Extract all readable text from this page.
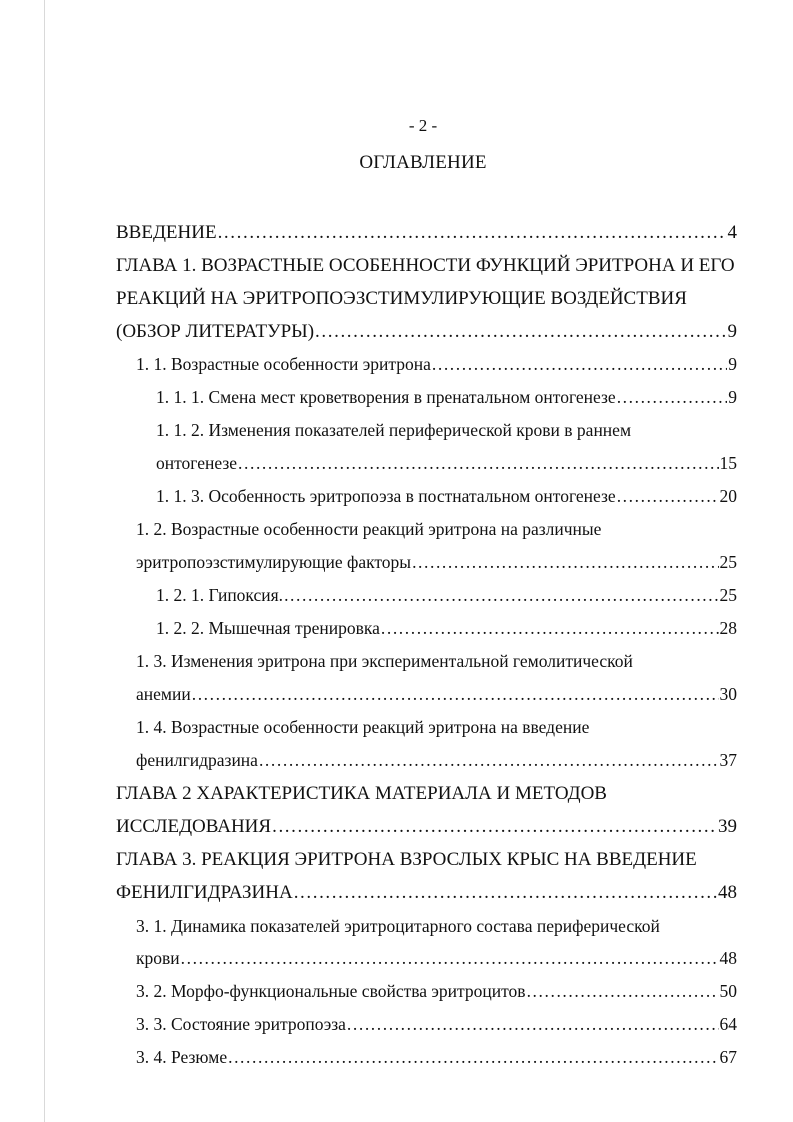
- 2 -
ОГЛАВЛЕНИЕ
ВВЕДЕНИЕ .....	4
ГЛАВА 1. ВОЗРАСТНЫЕ ОСОБЕННОСТИ ФУНКЦИЙ ЭРИТРОНА И ЕГО
РЕАКЦИЙ НА ЭРИТРОПОЭЗСТИМУЛИРУЮЩИЕ ВОЗДЕЙСТВИЯ
(ОБЗОР ЛИТЕРАТУРЫ) .....	9
1. 1. Возрастные особенности эритрона .....	9
1. 1. 1. Смена мест кроветворения в пренатальном онтогенезе .....	9
1. 1. 2. Изменения показателей периферической крови в раннем
онтогенезе .....	15
1. 1. 3. Особенность эритропоэза в постнатальном онтогенезе .....	20
1. 2. Возрастные особенности реакций эритрона на различные
эритропоэзстимулирующие факторы .....	25
1. 2. 1. Гипоксия. .....	25
1. 2. 2. Мышечная тренировка .....	28
1. 3. Изменения эритрона при экспериментальной гемолитической
анемии .....	30
1. 4. Возрастные особенности реакций эритрона на введение
фенилгидразина .....	37
ГЛАВА 2 ХАРАКТЕРИСТИКА МАТЕРИАЛА И МЕТОДОВ
ИССЛЕДОВАНИЯ .....	39
ГЛАВА 3. РЕАКЦИЯ ЭРИТРОНА ВЗРОСЛЫХ КРЫС НА ВВЕДЕНИЕ
ФЕНИЛГИДРАЗИНА .....	48
3. 1. Динамика показателей эритроцитарного состава периферической
крови .....	48
3. 2. Морфо-функциональные свойства эритроцитов .....	50
3. 3. Состояние эритропоэза .....	64
3. 4. Резюме .....	67
